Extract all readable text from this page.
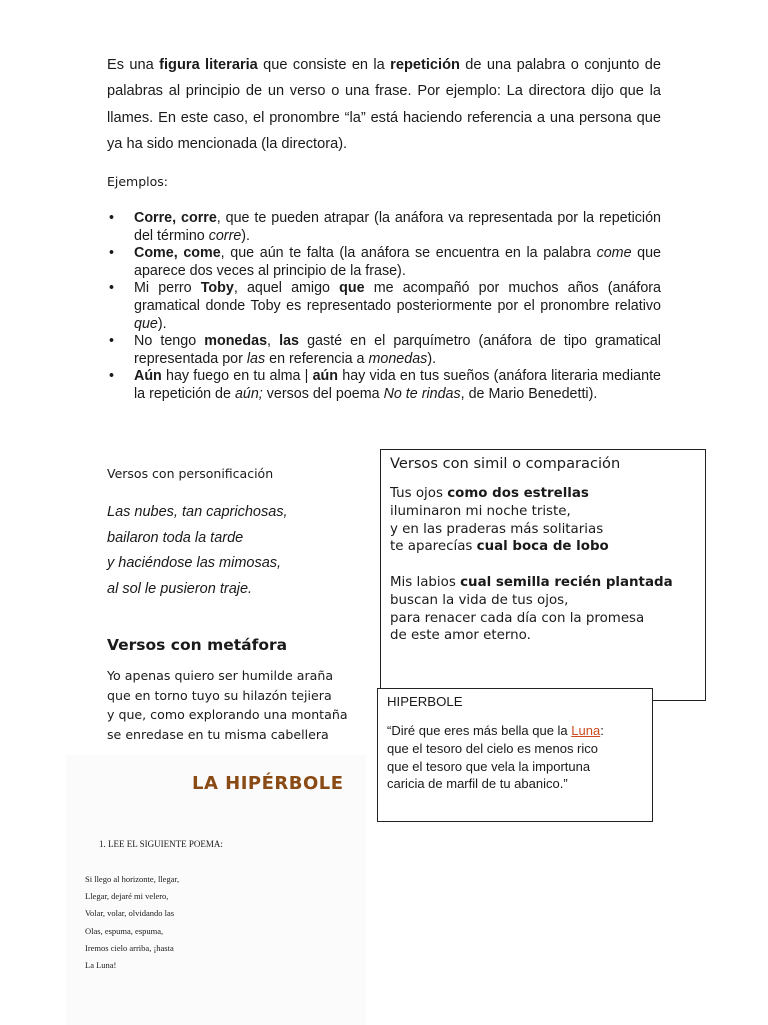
Es una figura literaria que consiste en la repetición de una palabra o conjunto de palabras al principio de un verso o una frase. Por ejemplo: La directora dijo que la llames. En este caso, el pronombre “la” está haciendo referencia a una persona que ya ha sido mencionada (la directora).
Ejemplos:
• Corre, corre, que te pueden atrapar (la anáfora va representada por la repetición del término corre).
• Come, come, que aún te falta (la anáfora se encuentra en la palabra come que aparece dos veces al principio de la frase).
• Mi perro Toby, aquel amigo que me acompañó por muchos años (anáfora gramatical donde Toby es representado posteriormente por el pronombre relativo que).
• No tengo monedas, las gasté en el parquímetro (anáfora de tipo gramatical representada por las en referencia a monedas).
• Aún hay fuego en tu alma | aún hay vida en tus sueños (anáfora literaria mediante la repetición de aún; versos del poema No te rindas, de Mario Benedetti).
Versos con personificación
Las nubes, tan caprichosas,
bailaron toda la tarde
y haciéndose las mimosas,
al sol le pusieron traje.
Versos con simil o comparación
Tus ojos como dos estrellas
iluminaron mi noche triste,
y en las praderas más solitarias
te aparecías cual boca de lobo
Mis labios cual semilla recién plantada
buscan la vida de tus ojos,
para renacer cada día con la promesa
de este amor eterno.
Versos con metáfora
Yo apenas quiero ser humilde araña
que en torno tuyo su hilazón tejiera
y que, como explorando una montaña
se enredase en tu misma cabellera
LA HIPÉRBOLE
1. LEE EL SIGUIENTE POEMA:
Si llego al horizonte, llegar,
Llegar, dejaré mi velero,
Volar, volar, olvidando las
Olas, espuma, espuma,
Iremos cielo arriba, ¡hasta
La Luna!
HIPERBOLE
“Diré que eres más bella que la Luna:
que el tesoro del cielo es menos rico
que el tesoro que vela la importuna
caricia de marfil de tu abanico.”
